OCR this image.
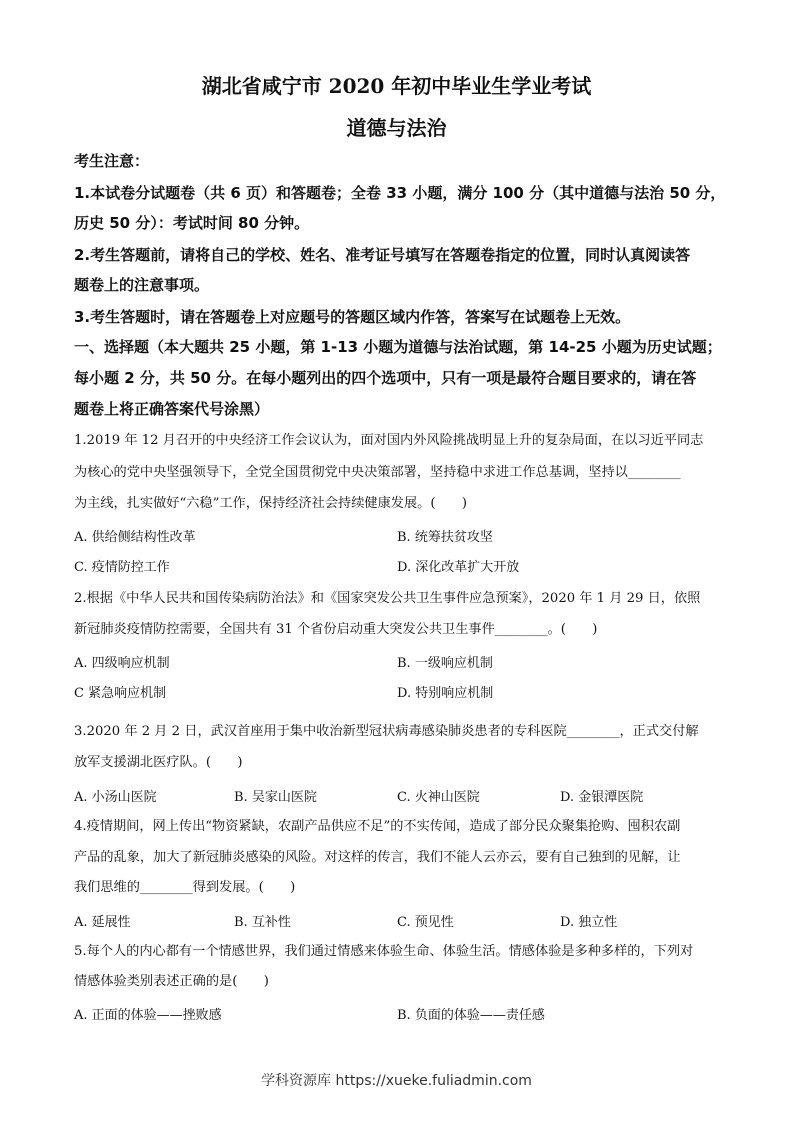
湖北省咸宁市 2020 年初中毕业生学业考试
道德与法治
考生注意：
1.本试卷分试题卷（共 6 页）和答题卷；全卷 33 小题，满分 100 分（其中道德与法治 50 分，
历史 50 分）：考试时间 80 分钟。
2.考生答题前，请将自己的学校、姓名、准考证号填写在答题卷指定的位置，同时认真阅读答
题卷上的注意事项。
3.考生答题时，请在答题卷上对应题号的答题区域内作答，答案写在试题卷上无效。
一、选择题（本大题共 25 小题，第 1-13 小题为道德与法治试题，第 14-25 小题为历史试题；
每小题 2 分，共 50 分。在每小题列出的四个选项中，只有一项是最符合题目要求的，请在答
题卷上将正确答案代号涂黑）
1.2019 年 12 月召开的中央经济工作会议认为，面对国内外风险挑战明显上升的复杂局面，在以习近平同志
为核心的党中央坚强领导下，全党全国贯彻党中央决策部署，坚持稳中求进工作总基调，坚持以________
为主线，扎实做好“六稳”工作，保持经济社会持续健康发展。(　　)
A. 供给侧结构性改革	B. 统筹扶贫攻坚
C. 疫情防控工作	D. 深化改革扩大开放
2.根据《中华人民共和国传染病防治法》和《国家突发公共卫生事件应急预案》，2020 年 1 月 29 日，依照
新冠肺炎疫情防控需要，全国共有 31 个省份启动重大突发公共卫生事件________。(　　)
A. 四级响应机制	B. 一级响应机制
C 紧急响应机制	D. 特别响应机制
3.2020 年 2 月 2 日，武汉首座用于集中收治新型冠状病毒感染肺炎患者的专科医院________，正式交付解
放军支援湖北医疗队。(　　)
A. 小汤山医院	B. 吴家山医院	C. 火神山医院	D. 金银潭医院
4.疫情期间，网上传出“物资紧缺，农副产品供应不足”的不实传闻，造成了部分民众聚集抢购、囤积农副
产品的乱象，加大了新冠肺炎感染的风险。对这样的传言，我们不能人云亦云，要有自己独到的见解，让
我们思维的________得到发展。(　　)
A. 延展性	B. 互补性	C. 预见性	D. 独立性
5.每个人的内心都有一个情感世界，我们通过情感来体验生命、体验生活。情感体验是多种多样的，下列对
情感体验类别表述正确的是(　　)
A. 正面的体验——挫败感	B. 负面的体验——责任感
学科资源库 https://xueke.fuliadmin.com
